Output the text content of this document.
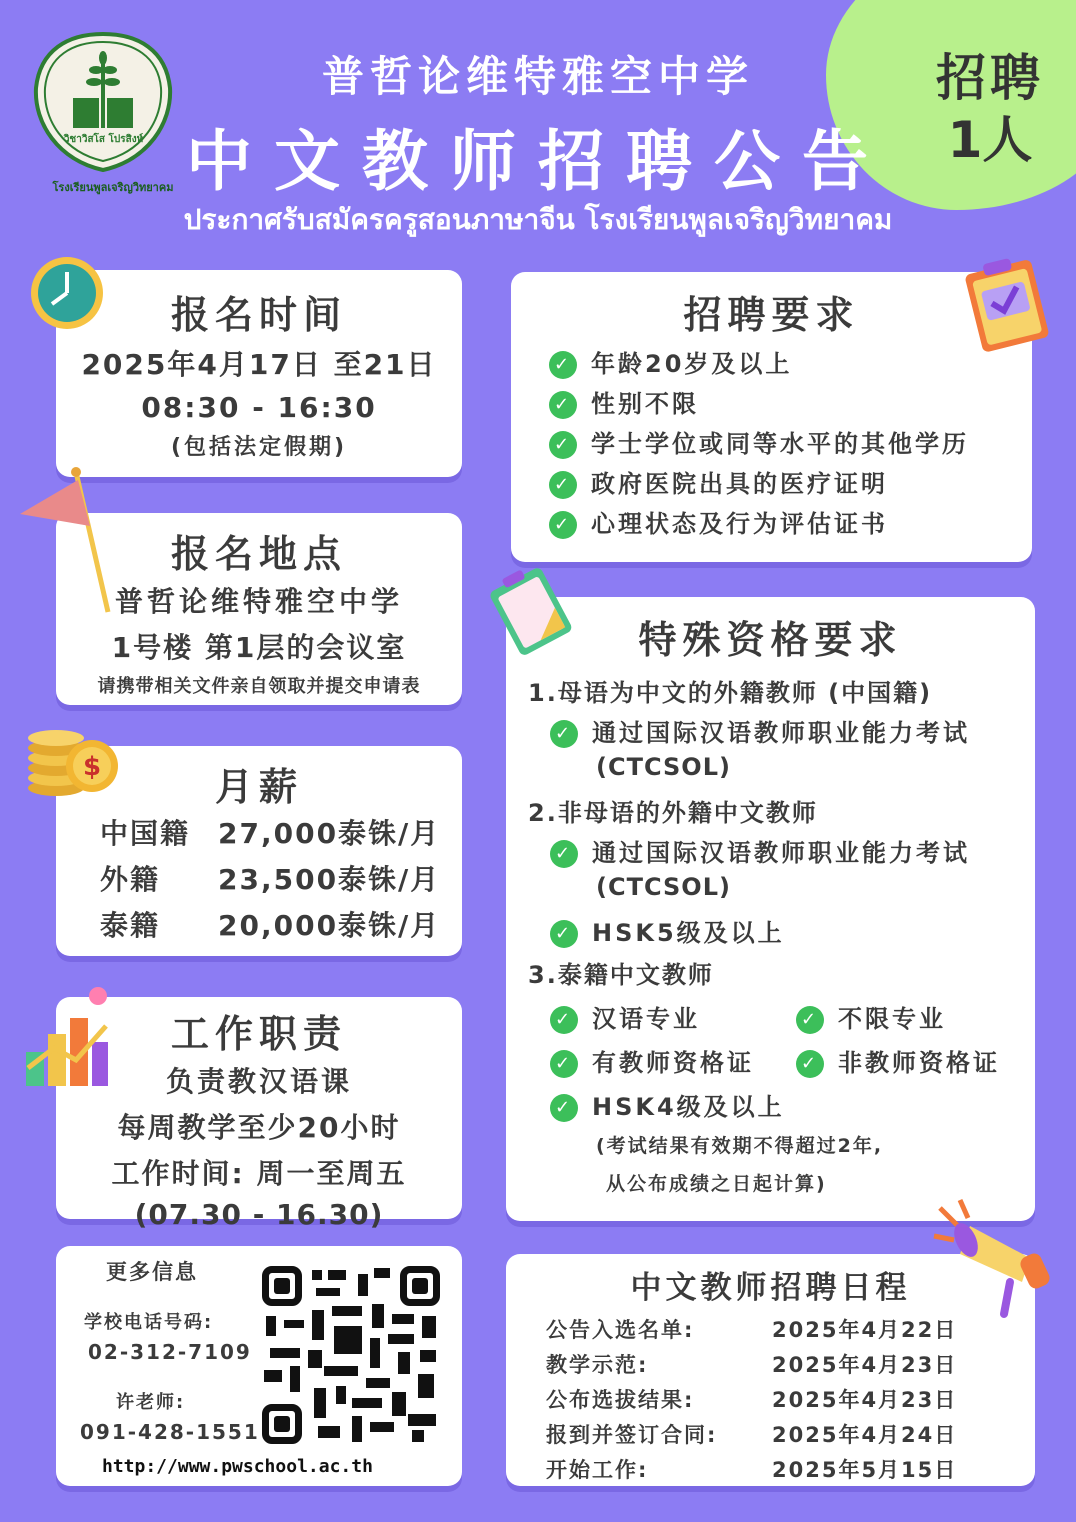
招聘
1人
วิชาวิสโส โปรสิงห์
โรงเรียนพูลเจริญวิทยาคม
普哲论维特雅空中学
中文教师招聘公告
ประกาศรับสมัครครูสอนภาษาจีน โรงเรียนพูลเจริญวิทยาคม
报名时间
2025年4月17日 至21日
08:30 - 16:30
(包括法定假期)
报名地点
普哲论维特雅空中学
1号楼 第1层的会议室
请携带相关文件亲自领取并提交申请表
月薪
中国籍 27,000泰铢/月
外籍 23,500泰铢/月
泰籍 20,000泰铢/月
$
工作职责
负责教汉语课
每周教学至少20小时
工作时间: 周一至周五
(07.30 - 16.30)
更多信息
学校电话号码:
02-312-7109
许老师:
091-428-1551
http://www.pwschool.ac.th
招聘要求
✓ 年龄20岁及以上
✓ 性别不限
✓ 学士学位或同等水平的其他学历
✓ 政府医院出具的医疗证明
✓ 心理状态及行为评估证书
特殊资格要求
1.母语为中文的外籍教师 (中国籍)
✓ 通过国际汉语教师职业能力考试
(CTCSOL)
2.非母语的外籍中文教师
✓ 通过国际汉语教师职业能力考试
(CTCSOL)
✓ HSK5级及以上
3.泰籍中文教师
✓ 汉语专业	✓ 不限专业
✓ 有教师资格证	✓ 非教师资格证
✓ HSK4级及以上
(考试结果有效期不得超过2年,
从公布成绩之日起计算)
中文教师招聘日程
公告入选名单:	2025年4月22日
教学示范:	2025年4月23日
公布选拔结果:	2025年4月23日
报到并签订合同:	2025年4月24日
开始工作:	2025年5月15日
